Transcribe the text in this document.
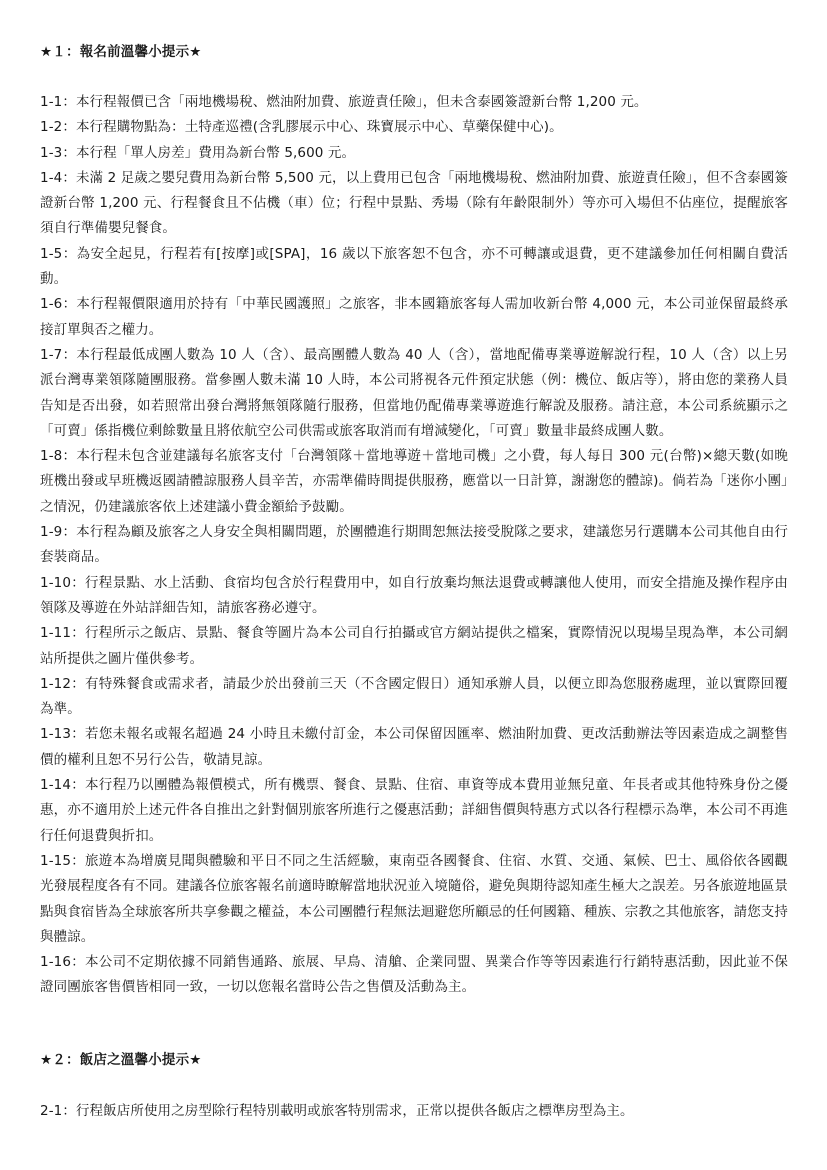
★１：報名前溫馨小提示★

1-1：本行程報價已含「兩地機場稅、燃油附加費、旅遊責任險」，但未含泰國簽證新台幣 1,200 元。

1-2：本行程購物點為：土特產巡禮(含乳膠展示中心、珠寶展示中心、草藥保健中心)。

1-3：本行程「單人房差」費用為新台幣 5,600 元。

1-4：未滿 2 足歲之嬰兒費用為新台幣 5,500 元，以上費用已包含「兩地機場稅、燃油附加費、旅遊責任險」，但不含泰國簽證新台幣 1,200 元、行程餐食且不佔機（車）位；行程中景點、秀場（除有年齡限制外）等亦可入場但不佔座位，提醒旅客須自行準備嬰兒餐食。

1-5：為安全起見，行程若有[按摩]或[SPA]，16 歲以下旅客恕不包含，亦不可轉讓或退費，更不建議參加任何相關自費活動。

1-6：本行程報價限適用於持有「中華民國護照」之旅客，非本國籍旅客每人需加收新台幣 4,000 元，本公司並保留最終承接訂單與否之權力。

1-7：本行程最低成團人數為 10 人（含）、最高團體人數為 40 人（含），當地配備專業導遊解說行程，10 人（含）以上另派台灣專業領隊隨團服務。當參團人數未滿 10 人時，本公司將視各元件預定狀態（例：機位、飯店等），將由您的業務人員告知是否出發，如若照常出發台灣將無領隊隨行服務，但當地仍配備專業導遊進行解說及服務。請注意，本公司系統顯示之「可賣」係指機位剩餘數量且將依航空公司供需或旅客取消而有增減變化，「可賣」數量非最終成團人數。

1-8：本行程未包含並建議每名旅客支付「台灣領隊＋當地導遊＋當地司機」之小費，每人每日 300 元(台幣)×總天數(如晚班機出發或早班機返國請體諒服務人員辛苦，亦需準備時間提供服務，應當以一日計算，謝謝您的體諒)。倘若為「迷你小團」之情況，仍建議旅客依上述建議小費金額給予鼓勵。

1-9：本行程為顧及旅客之人身安全與相關問題，於團體進行期間恕無法接受脫隊之要求，建議您另行選購本公司其他自由行套裝商品。

1-10：行程景點、水上活動、食宿均包含於行程費用中，如自行放棄均無法退費或轉讓他人使用，而安全措施及操作程序由領隊及導遊在外站詳細告知，請旅客務必遵守。

1-11：行程所示之飯店、景點、餐食等圖片為本公司自行拍攝或官方網站提供之檔案，實際情況以現場呈現為準，本公司網站所提供之圖片僅供參考。

1-12：有特殊餐食或需求者，請最少於出發前三天（不含國定假日）通知承辦人員，以便立即為您服務處理，並以實際回覆為準。

1-13：若您未報名或報名超過 24 小時且未繳付訂金，本公司保留因匯率、燃油附加費、更改活動辦法等因素造成之調整售價的權利且恕不另行公告，敬請見諒。

1-14：本行程乃以團體為報價模式，所有機票、餐食、景點、住宿、車資等成本費用並無兒童、年長者或其他特殊身份之優惠，亦不適用於上述元件各自推出之針對個別旅客所進行之優惠活動；詳細售價與特惠方式以各行程標示為準，本公司不再進行任何退費與折扣。

1-15：旅遊本為增廣見聞與體驗和平日不同之生活經驗，東南亞各國餐食、住宿、水質、交通、氣候、巴士、風俗依各國觀光發展程度各有不同。建議各位旅客報名前適時瞭解當地狀況並入境隨俗，避免與期待認知產生極大之誤差。另各旅遊地區景點與食宿皆為全球旅客所共享參觀之權益，本公司團體行程無法迴避您所顧忌的任何國籍、種族、宗教之其他旅客，請您支持與體諒。

1-16：本公司不定期依據不同銷售通路、旅展、早鳥、清艙、企業同盟、異業合作等等因素進行行銷特惠活動，因此並不保證同團旅客售價皆相同一致，一切以您報名當時公告之售價及活動為主。

★２：飯店之溫馨小提示★

2-1：行程飯店所使用之房型除行程特別載明或旅客特別需求，正常以提供各飯店之標準房型為主。
